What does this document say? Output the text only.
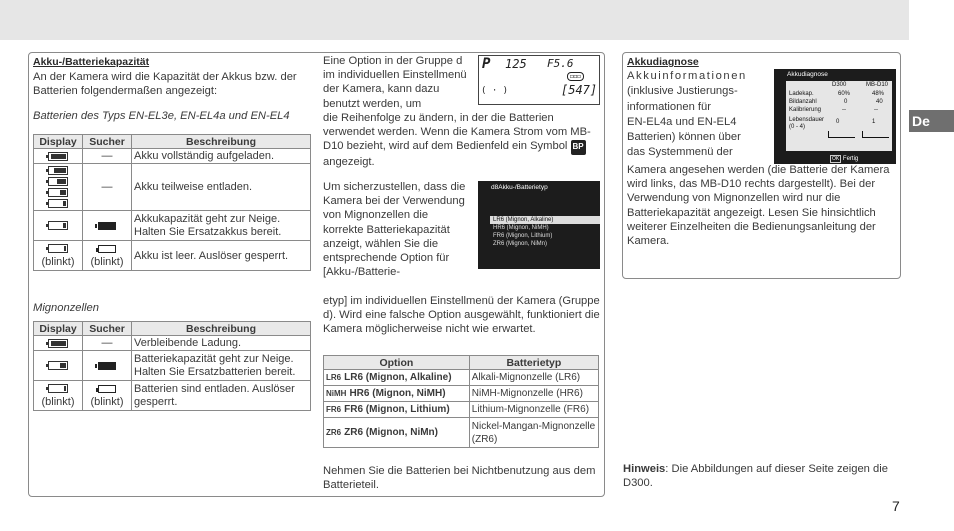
De
Akku-/Batteriekapazität

An der Kamera wird die Kapazität der Akkus bzw. der Batterien folgendermaßen angezeigt:

Batterien des Typs EN-EL3e, EN-EL4a und EN-EL4

Display	Sucher	Beschreibung

	—	Akku vollständig aufgeladen.

	—	Akku teilweise entladen.

		Akkukapazität geht zur Neige. Halten Sie Ersatzakkus bereit.

(blinkt)	(blinkt)	Akku ist leer. Auslöser gesperrt.

Mignonzellen

Display	Sucher	Beschreibung

	—	Verbleibende Ladung.

		Batteriekapazität geht zur Neige. Halten Sie Ersatzbatterien bereit.

(blinkt)	(blinkt)	Batterien sind entladen. Auslöser gesperrt.

Eine Option in der Gruppe d im individuellen Einstellmenü der Kamera, kann dazu benutzt werden, um

P 125 F5.6
◻◻◻
( · )	[547]

die Reihenfolge zu ändern, in der die Batterien verwendet werden. Wenn die Kamera Strom vom MB-D10 bezieht, wird auf dem Bedienfeld ein Symbol BP angezeigt.

Um sicherzustellen, dass die Kamera bei der Verwendung von Mignonzellen die korrekte Batteriekapazität anzeigt, wählen Sie die entsprechende Option für [Akku-/Batterie-

d8Akku-/Batterietyp
LR6 (Mignon, Alkaline)
HR6 (Mignon, NiMH)
FR6 (Mignon, Lithium)
ZR6 (Mignon, NiMn)

etyp] im individuellen Einstellmenü der Kamera (Gruppe d). Wird eine falsche Option ausgewählt, funktioniert die Kamera möglicherweise nicht wie erwartet.

Option	Batterietyp
LR6 LR6 (Mignon, Alkaline)	Alkali-Mignonzelle (LR6)
NiMH HR6 (Mignon, NiMH)	NiMH-Mignonzelle (HR6)
FR6 FR6 (Mignon, Lithium)	Lithium-Mignonzelle (FR6)
ZR6 ZR6 (Mignon, NiMn)	Nickel-Mangan-Mignonzelle (ZR6)

Nehmen Sie die Batterien bei Nichtbenutzung aus dem Batterieteil.

Akkudiagnose
Akkuinformationen
(inklusive Justierungs-
informationen für
EN-EL4a und EN-EL4
Batterien) können über
das Systemmenü der
Akkudiagnose
D300	MB-D10
Ladekap.	60%	48%
Bildanzahl	0	40
Kalibrierung	--	--
Lebensdauer (0 - 4)
0	1
OK Fertig

Kamera angesehen werden (die Batterie der Kamera wird links, das MB-D10 rechts dargestellt). Bei der Verwendung von Mignonzellen wird nur die Batteriekapazität angezeigt. Lesen Sie hinsichtlich weiterer Einzelheiten die Bedienungsanleitung der Kamera.

Hinweis: Die Abbildungen auf dieser Seite zeigen die D300.

7
